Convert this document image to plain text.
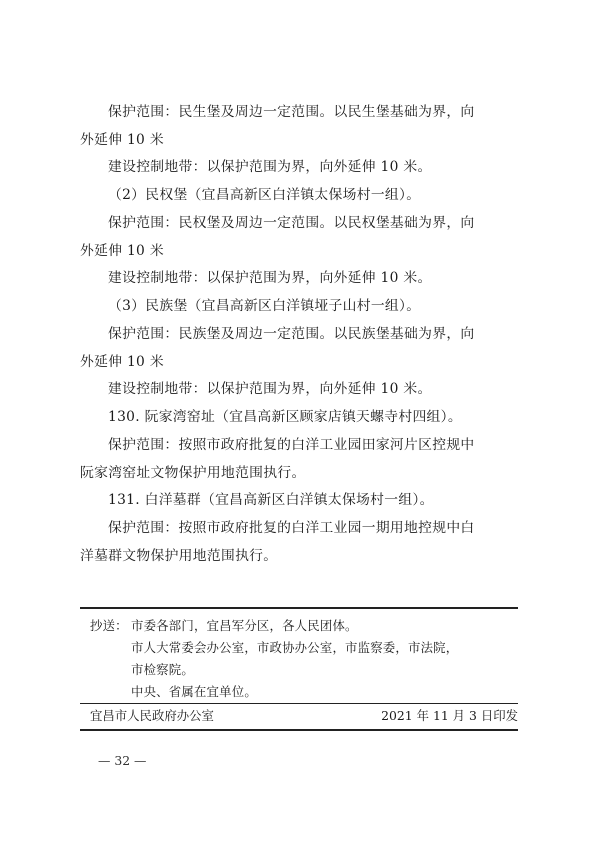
保护范围：民生堡及周边一定范围。以民生堡基础为界，向
外延伸 10 米
建设控制地带：以保护范围为界，向外延伸 10 米。
（2）民权堡（宜昌高新区白洋镇太保场村一组）。
保护范围：民权堡及周边一定范围。以民权堡基础为界，向
外延伸 10 米
建设控制地带：以保护范围为界，向外延伸 10 米。
（3）民族堡（宜昌高新区白洋镇垭子山村一组）。
保护范围：民族堡及周边一定范围。以民族堡基础为界，向
外延伸 10 米
建设控制地带：以保护范围为界，向外延伸 10 米。
130. 阮家湾窑址（宜昌高新区顾家店镇天螺寺村四组）。
保护范围：按照市政府批复的白洋工业园田家河片区控规中
阮家湾窑址文物保护用地范围执行。
131. 白洋墓群（宜昌高新区白洋镇太保场村一组）。
保护范围：按照市政府批复的白洋工业园一期用地控规中白
洋墓群文物保护用地范围执行。
抄送： 市委各部门，宜昌军分区，各人民团体。
市人大常委会办公室，市政协办公室，市监察委，市法院，
市检察院。
中央、省属在宜单位。
宜昌市人民政府办公室	2021 年 11 月 3 日印发
— 32 —
